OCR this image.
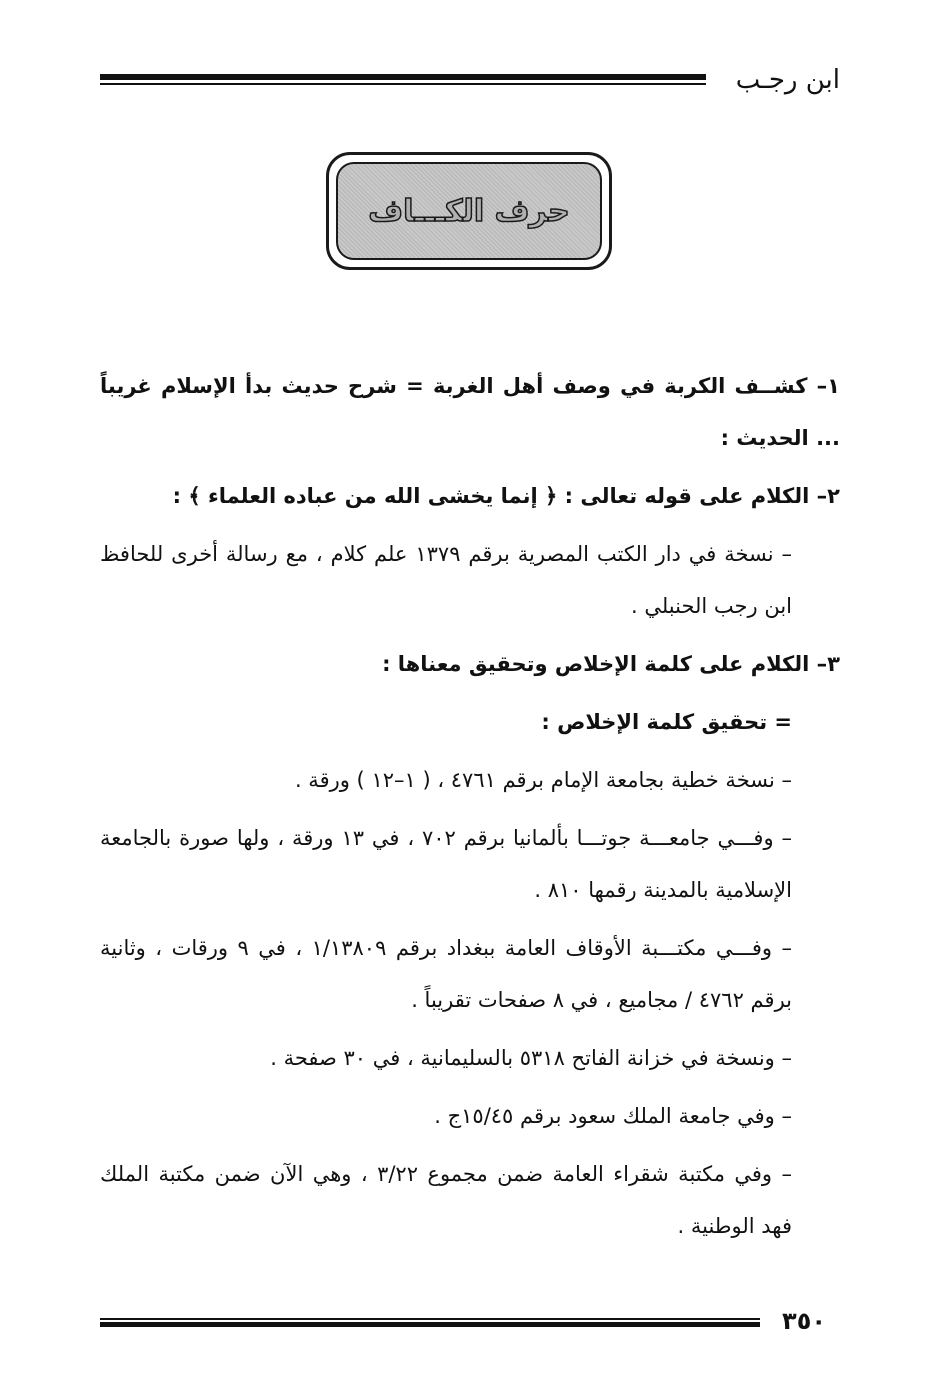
ابن رجـب
حرف الكـــاف

١– كشــف الكربة في وصف أهل الغربة = شرح حديث بدأ الإسلام غريباً ... الحديث :

٢– الكلام على قوله تعالى : ﴿ إنما يخشى الله من عباده العلماء ﴾ :

– نسخة في دار الكتب المصرية برقم ١٣٧٩ علم كلام ، مع رسالة أخرى للحافظ ابن رجب الحنبلي .

٣– الكلام على كلمة الإخلاص وتحقيق معناها :

= تحقيق كلمة الإخلاص :

– نسخة خطية بجامعة الإمام برقم ٤٧٦١ ، ( ١–١٢ ) ورقة .

– وفـــي جامعـــة جوتـــا بألمانيا برقم ٧٠٢ ، في ١٣ ورقة ، ولها صورة بالجامعة الإسلامية بالمدينة رقمها ٨١٠ .

– وفـــي مكتـــبة الأوقاف العامة ببغداد برقم ١/١٣٨٠٩ ، في ٩ ورقات ، وثانية برقم ٤٧٦٢ / مجاميع ، في ٨ صفحات تقريباً .

– ونسخة في خزانة الفاتح ٥٣١٨ بالسليمانية ، في ٣٠ صفحة .

– وفي جامعة الملك سعود برقم ١٥/٤٥ج .

– وفي مكتبة شقراء العامة ضمن مجموع ٣/٢٢ ، وهي الآن ضمن مكتبة الملك فهد الوطنية .

٣٥٠
